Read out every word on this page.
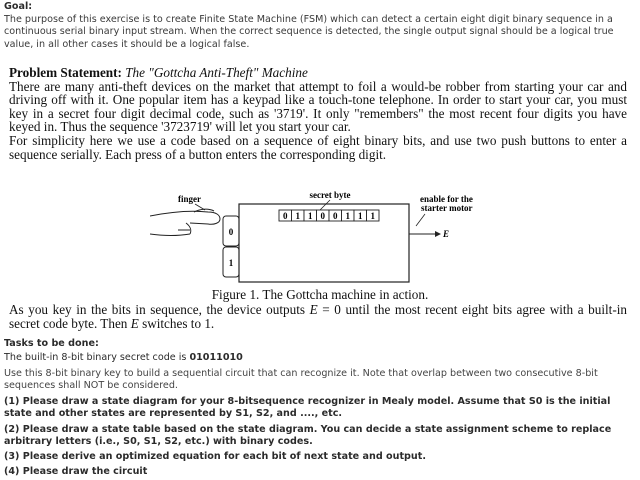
Goal:
The purpose of this exercise is to create Finite State Machine (FSM) which can detect a certain eight digit binary sequence in a continuous serial binary input stream. When the correct sequence is detected, the single output signal should be a logical true value, in all other cases it should be a logical false.

Problem Statement: The "Gottcha Anti-Theft" Machine

There are many anti-theft devices on the market that attempt to foil a would-be robber from starting your car and driving off with it. One popular item has a keypad like a touch-tone telephone. In order to start your car, you must key in a secret four digit decimal code, such as '3719'. It only "remembers" the most recent four digits you have keyed in. Thus the sequence '3723719' will let you start your car.

For simplicity here we use a code based on a sequence of eight binary bits, and use two push buttons to enter a sequence serially. Each press of a button enters the corresponding digit.

finger
0
1
secret byte
0 1 1 0 0 1 1 1
enable for the
starter motor
E
Figure 1. The Gottcha machine in action.

As you key in the bits in sequence, the device outputs E = 0 until the most recent eight bits agree with a built-in secret code byte. Then E switches to 1.

Tasks to be done:
The built-in 8-bit binary secret code is 01011010
Use this 8-bit binary key to build a sequential circuit that can recognize it. Note that overlap between two consecutive 8-bit sequences shall NOT be considered.
(1) Please draw a state diagram for your 8-bitsequence recognizer in Mealy model. Assume that S0 is the initial state and other states are represented by S1, S2, and ...., etc.
(2) Please draw a state table based on the state diagram. You can decide a state assignment scheme to replace arbitrary letters (i.e., S0, S1, S2, etc.) with binary codes.
(3) Please derive an optimized equation for each bit of next state and output.
(4) Please draw the circuit
